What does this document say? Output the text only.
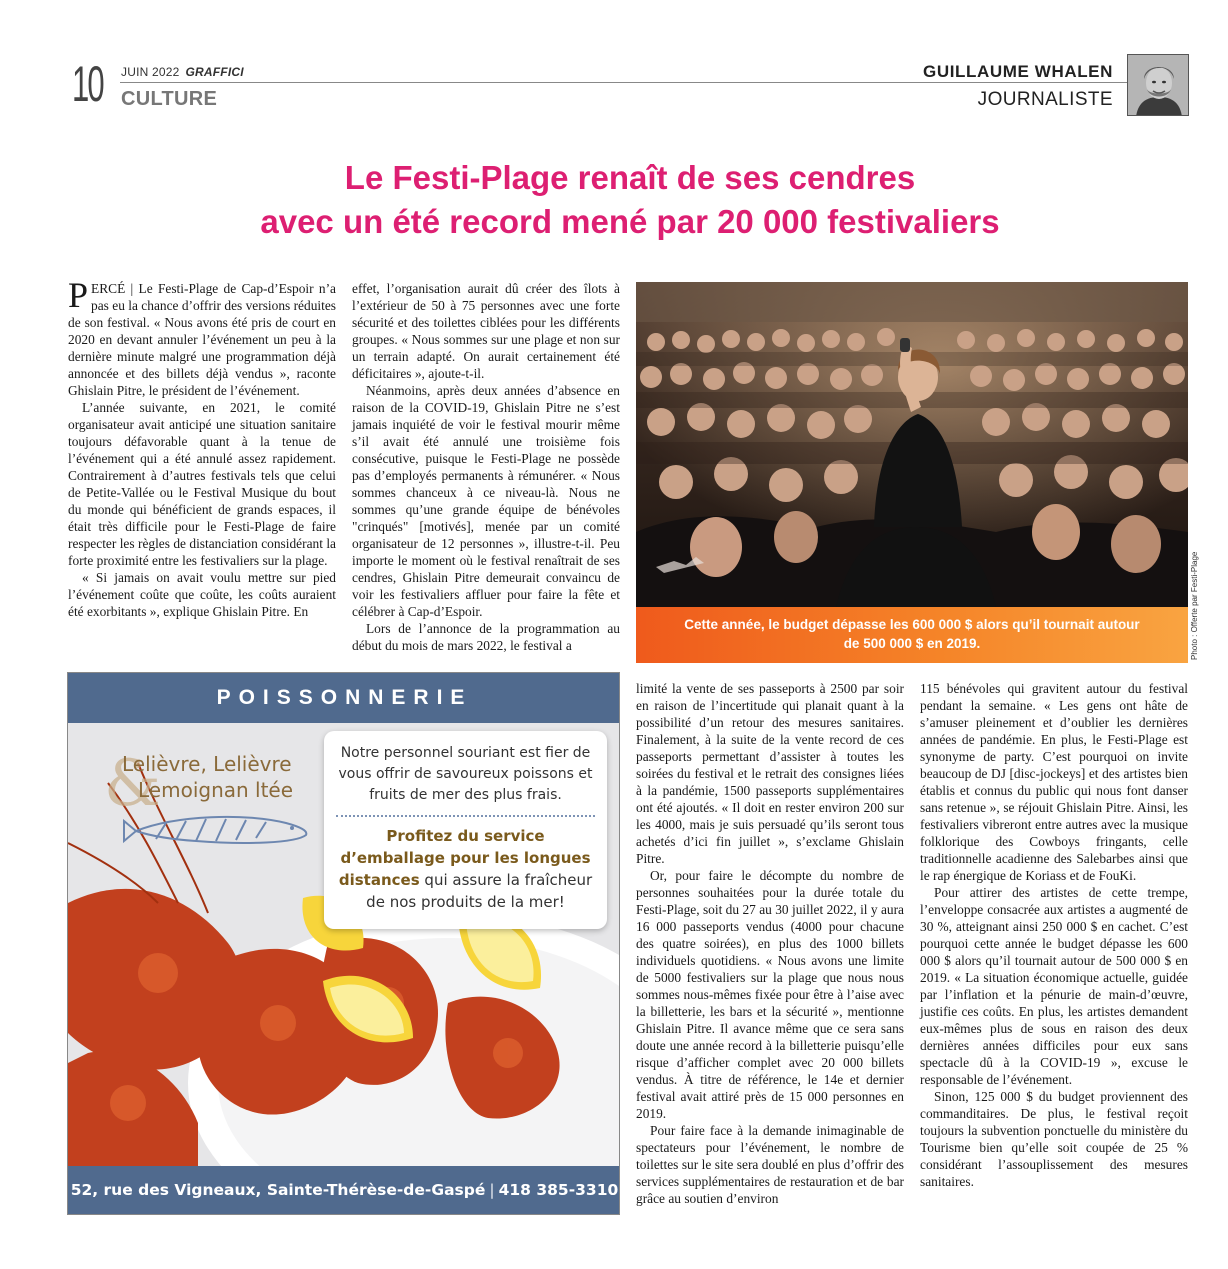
10 JUIN 2022 GRAFFICI
CULTURE
GUILLAUME WHALEN
JOURNALISTE
Le Festi-Plage renaît de ses cendres
avec un été record mené par 20 000 festivaliers

PERCÉ | Le Festi-Plage de Cap-d’Espoir n’a pas eu la chance d’offrir des versions réduites de son festival. « Nous avons été pris de court en 2020 en devant annuler l’événement un peu à la dernière minute malgré une programmation déjà annoncée et des billets déjà vendus », raconte Ghislain Pitre, le président de l’événement.

L’année suivante, en 2021, le comité organisateur avait anticipé une situation sanitaire toujours défavorable quant à la tenue de l’événement qui a été annulé assez rapidement. Contrairement à d’autres festivals tels que celui de Petite-Vallée ou le Festival Musique du bout du monde qui bénéficient de grands espaces, il était très difficile pour le Festi-Plage de faire respecter les règles de distanciation considérant la forte proximité entre les festivaliers sur la plage.

« Si jamais on avait voulu mettre sur pied l’événement coûte que coûte, les coûts auraient été exorbitants », explique Ghislain Pitre. En

effet, l’organisation aurait dû créer des îlots à l’extérieur de 50 à 75 personnes avec une forte sécurité et des toilettes ciblées pour les différents groupes. « Nous sommes sur une plage et non sur un terrain adapté. On aurait certainement été déficitaires », ajoute-t-il.

Néanmoins, après deux années d’absence en raison de la COVID-19, Ghislain Pitre ne s’est jamais inquiété de voir le festival mourir même s’il avait été annulé une troisième fois consécutive, puisque le Festi-Plage ne possède pas d’employés permanents à rémunérer. « Nous sommes chanceux à ce niveau-là. Nous ne sommes qu’une grande équipe de bénévoles "crinqués" [motivés], menée par un comité organisateur de 12 personnes », illustre-t-il. Peu importe le moment où le festival renaîtrait de ses cendres, Ghislain Pitre demeurait convaincu de voir les festivaliers affluer pour faire la fête et célébrer à Cap-d’Espoir.

Lors de l’annonce de la programmation au début du mois de mars 2022, le festival a

Cette année, le budget dépasse les 600 000 $ alors qu’il tournait autour
de 500 000 $ en 2019.	Photo : Offerte par Festi-Plage
POISSONNERIE
&
Lelièvre, Lelièvre
Lemoignan ltée
Notre personnel souriant est fier de vous offrir de savoureux poissons et fruits de mer des plus frais.
Profitez du service d’emballage pour les longues distances qui assure la fraîcheur de nos produits de la mer!
52, rue des Vigneaux, Sainte-Thérèse-de-Gaspé | 418 385-3310

limité la vente de ses passeports à 2500 par soir en raison de l’incertitude qui planait quant à la possibilité d’un retour des mesures sanitaires. Finalement, à la suite de la vente record de ces passeports permettant d’assister à toutes les soirées du festival et le retrait des consignes liées à la pandémie, 1500 passeports supplémentaires ont été ajoutés. « Il doit en rester environ 200 sur les 4000, mais je suis persuadé qu’ils seront tous achetés d’ici fin juillet », s’exclame Ghislain Pitre.

Or, pour faire le décompte du nombre de personnes souhaitées pour la durée totale du Festi-Plage, soit du 27 au 30 juillet 2022, il y aura 16 000 passeports vendus (4000 pour chacune des quatre soirées), en plus des 1000 billets individuels quotidiens. « Nous avons une limite de 5000 festivaliers sur la plage que nous nous sommes nous-mêmes fixée pour être à l’aise avec la billetterie, les bars et la sécurité », mentionne Ghislain Pitre. Il avance même que ce sera sans doute une année record à la billetterie puisqu’elle risque d’afficher complet avec 20 000 billets vendus. À titre de référence, le 14e et dernier festival avait attiré près de 15 000 personnes en 2019.

Pour faire face à la demande inimaginable de spectateurs pour l’événement, le nombre de toilettes sur le site sera doublé en plus d’offrir des services supplémentaires de restauration et de bar grâce au soutien d’environ

115 bénévoles qui gravitent autour du festival pendant la semaine. « Les gens ont hâte de s’amuser pleinement et d’oublier les dernières années de pandémie. En plus, le Festi-Plage est synonyme de party. C’est pourquoi on invite beaucoup de DJ [disc-jockeys] et des artistes bien établis et connus du public qui nous font danser sans retenue », se réjouit Ghislain Pitre. Ainsi, les festivaliers vibreront entre autres avec la musique folklorique des Cowboys fringants, celle traditionnelle acadienne des Salebarbes ainsi que le rap énergique de Koriass et de FouKi.

Pour attirer des artistes de cette trempe, l’enveloppe consacrée aux artistes a augmenté de 30 %, atteignant ainsi 250 000 $ en cachet. C’est pourquoi cette année le budget dépasse les 600 000 $ alors qu’il tournait autour de 500 000 $ en 2019. « La situation économique actuelle, guidée par l’inflation et la pénurie de main-d’œuvre, justifie ces coûts. En plus, les artistes demandent eux-mêmes plus de sous en raison des deux dernières années difficiles pour eux sans spectacle dû à la COVID-19 », excuse le responsable de l’événement.

Sinon, 125 000 $ du budget proviennent des commanditaires. De plus, le festival reçoit toujours la subvention ponctuelle du ministère du Tourisme bien qu’elle soit coupée de 25 % considérant l’assouplissement des mesures sanitaires.
